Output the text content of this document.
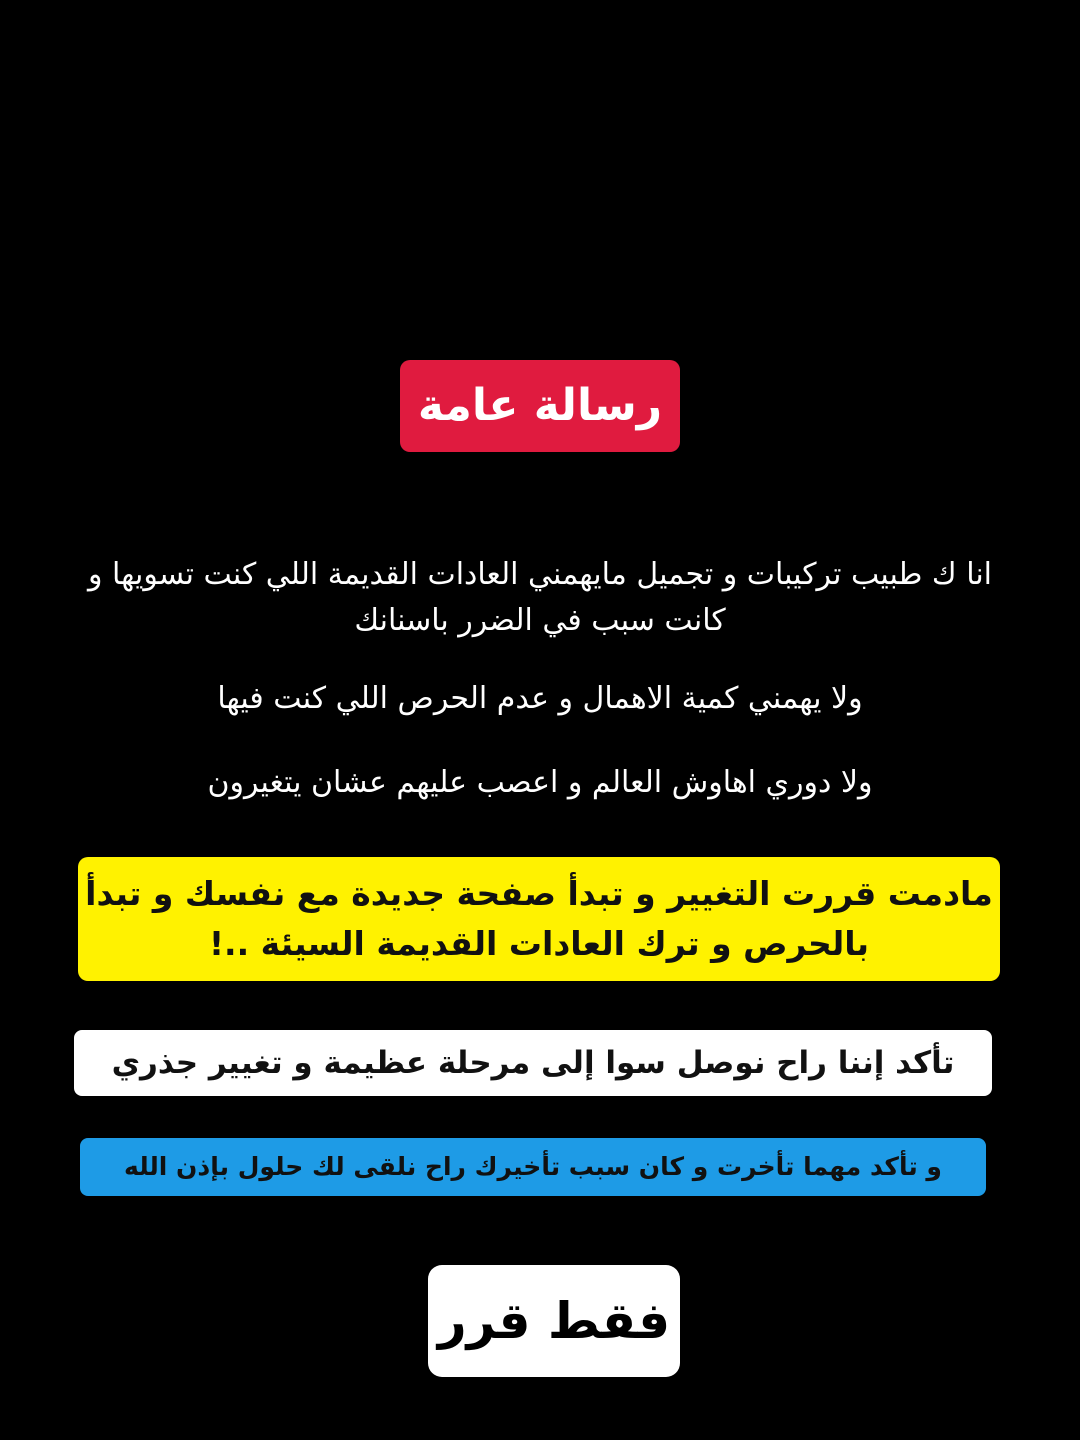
رسالة عامة
انا ك طبيب تركيبات و تجميل مايهمني العادات القديمة اللي كنت تسويها و كانت سبب في الضرر باسنانك
ولا يهمني كمية الاهمال و عدم الحرص اللي كنت فيها
ولا دوري اهاوش العالم و اعصب عليهم عشان يتغيرون
مادمت قررت التغيير و تبدأ صفحة جديدة مع نفسك و تبدأ بالحرص و ترك العادات القديمة السيئة ..!
تأكد إننا راح نوصل سوا إلى مرحلة عظيمة و تغيير جذري
و تأكد مهما تأخرت و كان سبب تأخيرك راح نلقى لك حلول بإذن الله
فقط قرر
